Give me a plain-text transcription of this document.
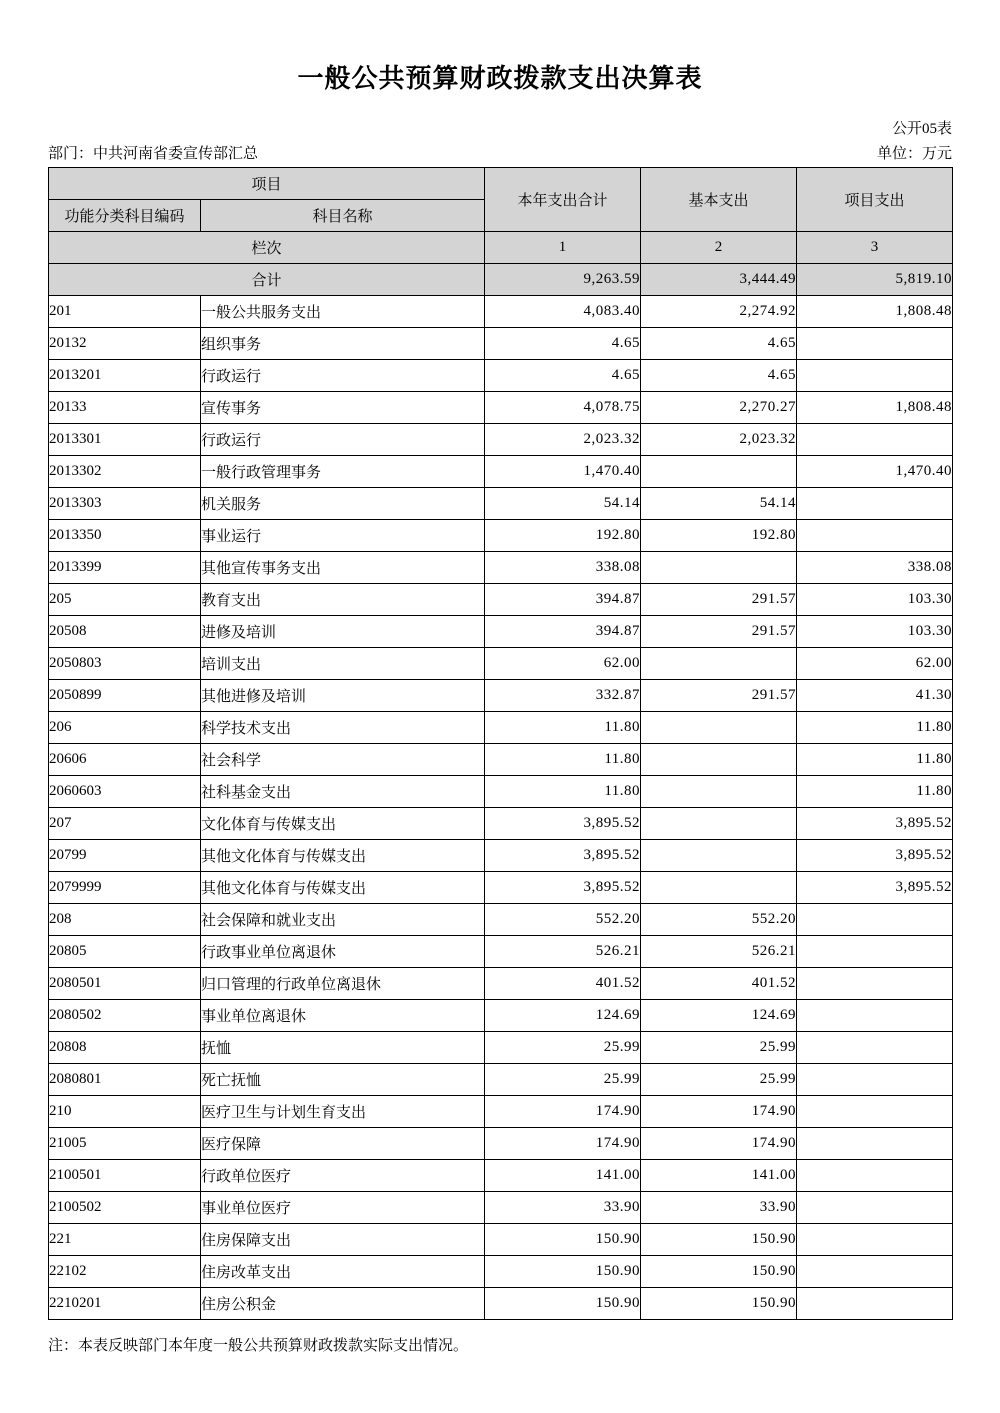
一般公共预算财政拨款支出决算表
公开05表
部门：中共河南省委宣传部汇总	单位：万元
项目		本年支出合计	基本支出	项目支出
功能分类科目编码	科目名称			
栏次		1	2	3
合计		9,263.59	3,444.49	5,819.10
201	一般公共服务支出	4,083.40	2,274.92	1,808.48
20132	组织事务	4.65	4.65	
2013201	行政运行	4.65	4.65	
20133	宣传事务	4,078.75	2,270.27	1,808.48
2013301	行政运行	2,023.32	2,023.32	
2013302	一般行政管理事务	1,470.40		1,470.40
2013303	机关服务	54.14	54.14	
2013350	事业运行	192.80	192.80	
2013399	其他宣传事务支出	338.08		338.08
205	教育支出	394.87	291.57	103.30
20508	进修及培训	394.87	291.57	103.30
2050803	培训支出	62.00		62.00
2050899	其他进修及培训	332.87	291.57	41.30
206	科学技术支出	11.80		11.80
20606	社会科学	11.80		11.80
2060603	社科基金支出	11.80		11.80
207	文化体育与传媒支出	3,895.52		3,895.52
20799	其他文化体育与传媒支出	3,895.52		3,895.52
2079999	其他文化体育与传媒支出	3,895.52		3,895.52
208	社会保障和就业支出	552.20	552.20	
20805	行政事业单位离退休	526.21	526.21	
2080501	归口管理的行政单位离退休	401.52	401.52	
2080502	事业单位离退休	124.69	124.69	
20808	抚恤	25.99	25.99	
2080801	死亡抚恤	25.99	25.99	
210	医疗卫生与计划生育支出	174.90	174.90	
21005	医疗保障	174.90	174.90	
2100501	行政单位医疗	141.00	141.00	
2100502	事业单位医疗	33.90	33.90	
221	住房保障支出	150.90	150.90	
22102	住房改革支出	150.90	150.90	
2210201	住房公积金	150.90	150.90	
注：本表反映部门本年度一般公共预算财政拨款实际支出情况。
